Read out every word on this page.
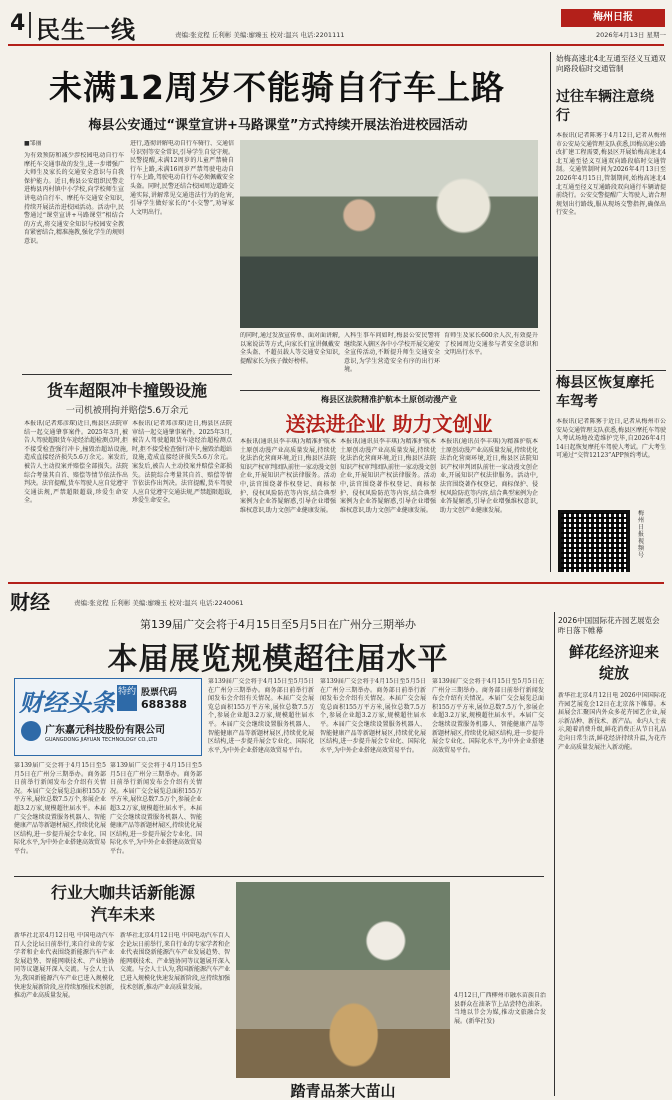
4 民生一线	责编:张竞程 丘利彬 美编:廖臻玉 校对:温兴 电话:2201111
梅州日报
2026年4月13日 星期一
未满12周岁不能骑自行车上路
梅县公安通过“课堂宣讲+马路课堂”方式持续开展法治进校园活动
■邹丽
为有效预防和减少涉校园电动自行车摩托车交通事故的发生,进一步增强广大师生及家长的交通安全意识与自我保护能力。近日,梅县公安组织民警走进梅县丙村镇中小学校,向学校师生宣讲电动自行车、摩托车交通安全知识,持续开展法治进校园活动。活动中,民警通过“课堂宣讲+马路课堂”相结合的方式,将交通安全知识与校园安全教育紧密结合,精准施教,强化学生的规则意识。
进行,透彻讲解电动自行车骑行、交通信号识别等安全常识,引导学生自觉守规。民警提醒,未满12周岁的儿童严禁骑自行车上路,未满16周岁严禁驾驶电动自行车上路,驾驶电动自行车必须佩戴安全头盔。同时,民警还结合校园周边道路交通实际,讲解常见交通违法行为的危害,引导学生做好家长的“小交警”,劝导家人文明出行。
的同时,通过发放宣传单、面对面讲解,以案说法等方式,向家长们宣讲佩戴安全头盔、不超员载人等交通安全知识,提醒家长为孩子做好榜样。
入科生事车问如时,梅县公安民警将继续深入辖区各中小学校开展交通安全宣传活动,不断提升师生交通安全意识,为学生营造安全有序的出行环境。
育师生及家长600余人次,有效提升了校园周边交通参与者安全意识和文明出行水平。
货车超限冲卡撞毁设施
一司机被刑拘并赔偿5.6万余元
本报讯(记者郑彦琛)近日,梅县区法院审结一起交通肇事案件。2025年3月,被告人驾驶超限货车途经治超检测点时,拒不接受检查强行冲卡,撞毁治超站设施,造成直接经济损失5.6万余元。案发后,被告人主动投案并赔偿全部损失。法院综合考量其自首、赔偿等情节依法作出判决。法官提醒,货车驾驶人应自觉遵守交通法规,严禁超限超载,珍爱生命安全。
本报讯(记者郑彦琛)近日,梅县区法院审结一起交通肇事案件。2025年3月,被告人驾驶超限货车途经治超检测点时,拒不接受检查强行冲卡,撞毁治超站设施,造成直接经济损失5.6万余元。案发后,被告人主动投案并赔偿全部损失。法院综合考量其自首、赔偿等情节依法作出判决。法官提醒,货车驾驶人应自觉遵守交通法规,严禁超限超载,珍爱生命安全。
梅县区法院精准护航本土原创动漫产业
送法进企业 助力文创业
本报讯(通讯员李丰琪)为精准护航本土原创动漫产业高质量发展,持续优化法治化营商环境,近日,梅县区法院知识产权审判团队前往一家动漫文创企业,开展知识产权法律服务。活动中,法官围绕著作权登记、商标保护、侵权风险防范等内容,结合典型案例为企业答疑解惑,引导企业增强维权意识,助力文创产业健康发展。
本报讯(通讯员李丰琪)为精准护航本土原创动漫产业高质量发展,持续优化法治化营商环境,近日,梅县区法院知识产权审判团队前往一家动漫文创企业,开展知识产权法律服务。活动中,法官围绕著作权登记、商标保护、侵权风险防范等内容,结合典型案例为企业答疑解惑,引导企业增强维权意识,助力文创产业健康发展。
本报讯(通讯员李丰琪)为精准护航本土原创动漫产业高质量发展,持续优化法治化营商环境,近日,梅县区法院知识产权审判团队前往一家动漫文创企业,开展知识产权法律服务。活动中,法官围绕著作权登记、商标保护、侵权风险防范等内容,结合典型案例为企业答疑解惑,引导企业增强维权意识,助力文创产业健康发展。
始梅高速北4北互通至径义互通双向路段临时交通管制
过往车辆注意绕行
本报讯(记者陈雾于4月12日,记者从梅州市公安局交通管理支队获悉,因梅高速公路改扩建工程需要,梅县区开展始梅高速北4北互通至径义互通双向路段临时交通管制。交通管制时间为2026年4月13日至2026年4月15日,管制期间,始梅高速北4北互通至径义互通路段双向通行车辆请提前绕行。公安交警提醒广大驾驶人,请合理规划出行路线,服从现场交警指挥,确保出行安全。
梅县区恢复摩托车驾考
本报讯(记者陈雾于近日,记者从梅州市公安局交通管理支队获悉,梅县区摩托车驾驶人考试场地改造维护完毕,自2026年4月14日起恢复摩托车驾驶人考试。广大考生可通过“交管12123”APP预约考试。
梅州日报视频号
财经	责编:张竞程 丘利彬 美编:廖臻玉 校对:温兴 电话:2240061
第139届广交会将于4月15日至5月5日在广州分三期举办
本届展览规模超往届水平
财经头条 特约 股票代码
688388
广东嘉元科技股份有限公司
GUANGDONG JIAYUAN TECHNOLOGY CO.,LTD
第139届广交会将于4月15日至5月5日在广州分三期举办。商务部日前举行新闻发布会介绍有关情况。本届广交会展览总面积155万平方米,展位总数7.5万个,参展企业超3.2万家,规模超往届水平。本届广交会继续设置服务机器人、智能健康产品等新题材展区,持续优化展区结构,进一步提升展会专业化、国际化水平,为中外企业搭建高效贸易平台。
第139届广交会将于4月15日至5月5日在广州分三期举办。商务部日前举行新闻发布会介绍有关情况。本届广交会展览总面积155万平方米,展位总数7.5万个,参展企业超3.2万家,规模超往届水平。本届广交会继续设置服务机器人、智能健康产品等新题材展区,持续优化展区结构,进一步提升展会专业化、国际化水平,为中外企业搭建高效贸易平台。
第139届广交会将于4月15日至5月5日在广州分三期举办。商务部日前举行新闻发布会介绍有关情况。本届广交会展览总面积155万平方米,展位总数7.5万个,参展企业超3.2万家,规模超往届水平。本届广交会继续设置服务机器人、智能健康产品等新题材展区,持续优化展区结构,进一步提升展会专业化、国际化水平,为中外企业搭建高效贸易平台。
第139届广交会将于4月15日至5月5日在广州分三期举办。商务部日前举行新闻发布会介绍有关情况。本届广交会展览总面积155万平方米,展位总数7.5万个,参展企业超3.2万家,规模超往届水平。本届广交会继续设置服务机器人、智能健康产品等新题材展区,持续优化展区结构,进一步提升展会专业化、国际化水平,为中外企业搭建高效贸易平台。
第139届广交会将于4月15日至5月5日在广州分三期举办。商务部日前举行新闻发布会介绍有关情况。本届广交会展览总面积155万平方米,展位总数7.5万个,参展企业超3.2万家,规模超往届水平。本届广交会继续设置服务机器人、智能健康产品等新题材展区,持续优化展区结构,进一步提升展会专业化、国际化水平,为中外企业搭建高效贸易平台。
行业大咖共话新能源汽车未来
新华社北京4月12日电 中国电动汽车百人会论坛日前举行,来自行业的专家学者和企业代表围绕新能源汽车产业发展趋势、智能网联技术、产业链协同等议题展开深入交流。与会人士认为,我国新能源汽车产业已进入规模化快速发展新阶段,应持续加强技术创新,推动产业高质量发展。
新华社北京4月12日电 中国电动汽车百人会论坛日前举行,来自行业的专家学者和企业代表围绕新能源汽车产业发展趋势、智能网联技术、产业链协同等议题展开深入交流。与会人士认为,我国新能源汽车产业已进入规模化快速发展新阶段,应持续加强技术创新,推动产业高质量发展。
踏青品茶大苗山
4月12日,广西柳州市融水苗族自治县群众在油茶节上品尝特色油茶。当地以节会为媒,推动文旅融合发展。(新华社发)
2026中国国际花卉园艺展览会昨日落下帷幕
鲜花经济迎来绽放
新华社北京4月12日电 2026中国国际花卉园艺展览会12日在北京落下帷幕。本届展会汇聚国内外众多花卉园艺企业,展示新品种、新技术、新产品。业内人士表示,随着消费升级,鲜花消费正从节日礼品走向日常生活,鲜花经济持续升温,为花卉产业高质量发展注入新动能。
